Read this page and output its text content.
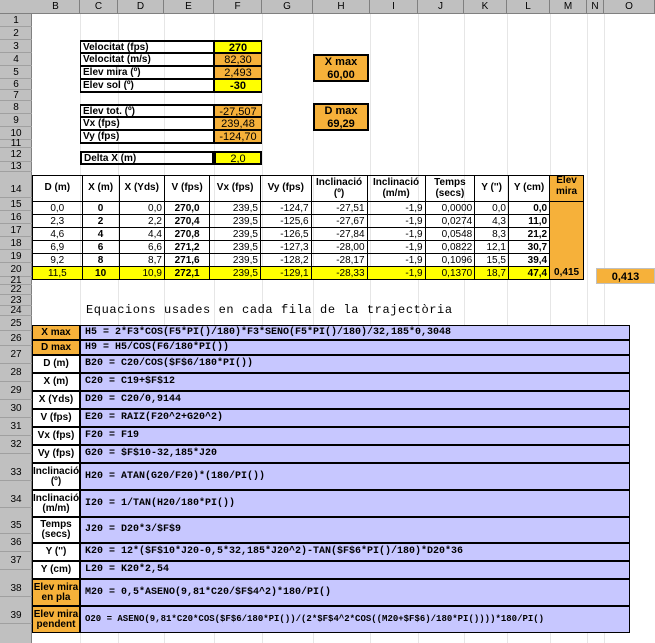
B	C	D	E	F	G	H	I	J	K	L	M	N	O
1
2
3
4
5
6
7
8
9
10
11
12
13
14
15
16
17
18
19
20
21
22
23
24
25
26
27
28
29
30
31
32
33
34
35
36
37
38
39
Velocitat (fps)	270
Velocitat (m/s)	82,30
Elev mira (º)	2,493
Elev sol (º)	-30
Elev tot. (º)	-27,507
Vx (fps)	239,48
Vy (fps)	-124,70
Delta X (m)	2,0
X max
60,00
D max
69,29
D (m)	X (m)	X (Yds)	V (fps)	Vx (fps)	Vy (fps)	Inclinació (º)	Inclinació (m/m)	Temps (secs)	Y ('')	Y (cm)	Elev mira
0,0	0	0,0	270,0	239,5	-124,7	-27,51	-1,9	0,0000	0,0	0,0	
2,3	2	2,2	270,4	239,5	-125,6	-27,67	-1,9	0,0274	4,3	11,0	
4,6	4	4,4	270,8	239,5	-126,5	-27,84	-1,9	0,0548	8,3	21,2	
6,9	6	6,6	271,2	239,5	-127,3	-28,00	-1,9	0,0822	12,1	30,7	
9,2	8	8,7	271,6	239,5	-128,2	-28,17	-1,9	0,1096	15,5	39,4	
11,5	10	10,9	272,1	239,5	-129,1	-28,33	-1,9	0,1370	18,7	47,4	0,415	0,413
Equacions usades en cada fila de la trajectòria
X max	H5 = 2*F3*COS(F5*PI()/180)*F3*SENO(F5*PI()/180)/32,185*0,3048
D max	H9 = H5/COS(F6/180*PI())
D (m)	B20 = C20/COS($F$6/180*PI())
X (m)	C20 = C19+$F$12
X (Yds)	D20 = C20/0,9144
V (fps)	E20 = RAIZ(F20^2+G20^2)
Vx (fps)	F20 = F19
Vy (fps)	G20 = $F$10-32,185*J20
Inclinació (º)	H20 = ATAN(G20/F20)*(180/PI())
Inclinació (m/m)	I20 = 1/TAN(H20/180*PI())
Temps (secs)	J20 = D20*3/$F$9
Y ('')	K20 = 12*($F$10*J20-0,5*32,185*J20^2)-TAN($F$6*PI()/180)*D20*36
Y (cm)	L20 = K20*2,54
Elev mira en pla	M20 = 0,5*ASENO(9,81*C20/$F$4^2)*180/PI()
Elev mira pendent	O20 = ASENO(9,81*C20*COS($F$6/180*PI())/(2*$F$4^2*COS((M20+$F$6)/180*PI())))*180/PI()
